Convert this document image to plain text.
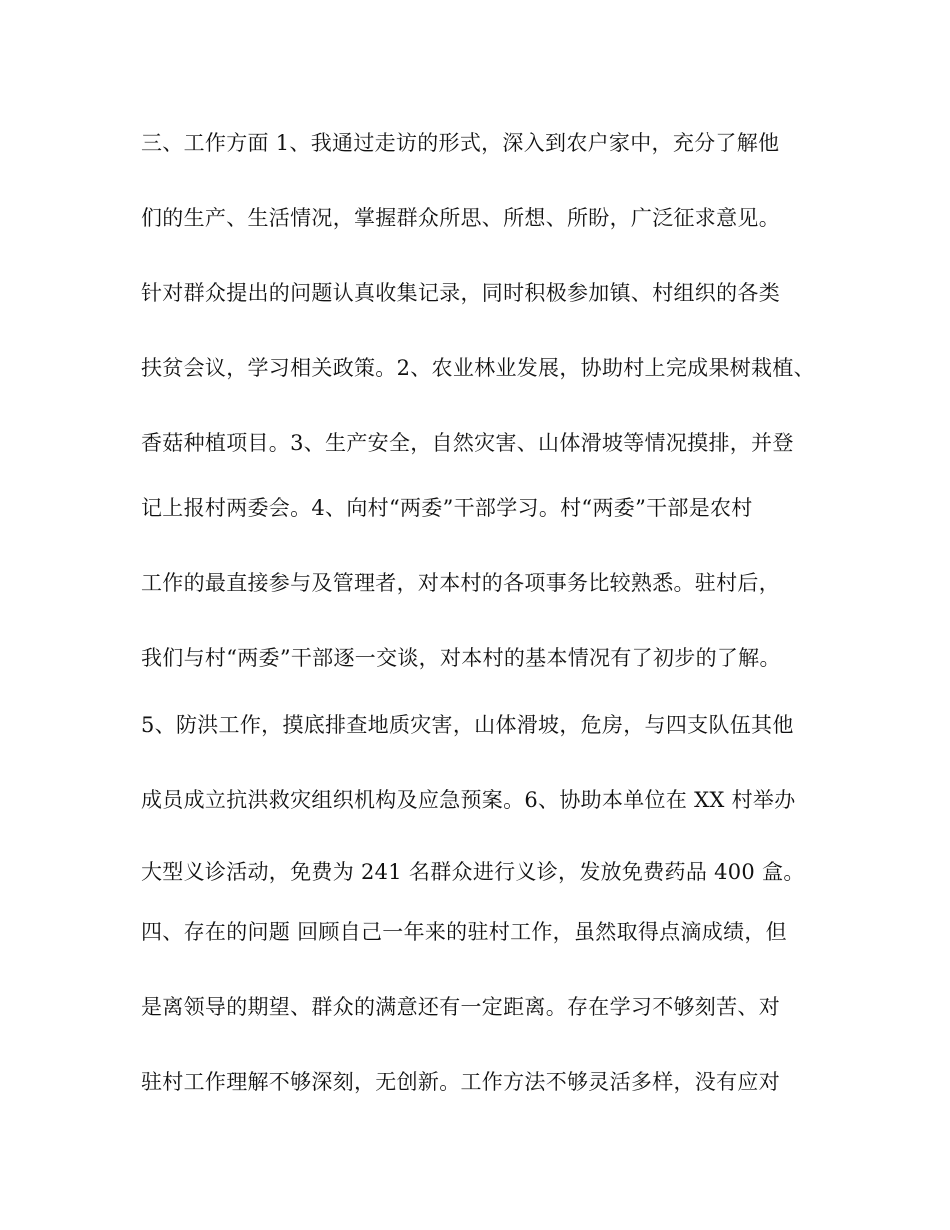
三、工作方面 1、我通过走访的形式，深入到农户家中，充分了解他
们的生产、生活情况，掌握群众所思、所想、所盼，广泛征求意见。
针对群众提出的问题认真收集记录，同时积极参加镇、村组织的各类
扶贫会议，学习相关政策。2、农业林业发展，协助村上完成果树栽植、
香菇种植项目。3、生产安全，自然灾害、山体滑坡等情况摸排，并登
记上报村两委会。4、向村“两委”干部学习。村“两委”干部是农村
工作的最直接参与及管理者，对本村的各项事务比较熟悉。驻村后，
我们与村“两委”干部逐一交谈，对本村的基本情况有了初步的了解。
5、防洪工作，摸底排查地质灾害，山体滑坡，危房，与四支队伍其他
成员成立抗洪救灾组织机构及应急预案。6、协助本单位在 XX 村举办
大型义诊活动，免费为 241 名群众进行义诊，发放免费药品 400 盒。
四、存在的问题 回顾自己一年来的驻村工作，虽然取得点滴成绩，但
是离领导的期望、群众的满意还有一定距离。存在学习不够刻苦、对
驻村工作理解不够深刻，无创新。工作方法不够灵活多样，没有应对
